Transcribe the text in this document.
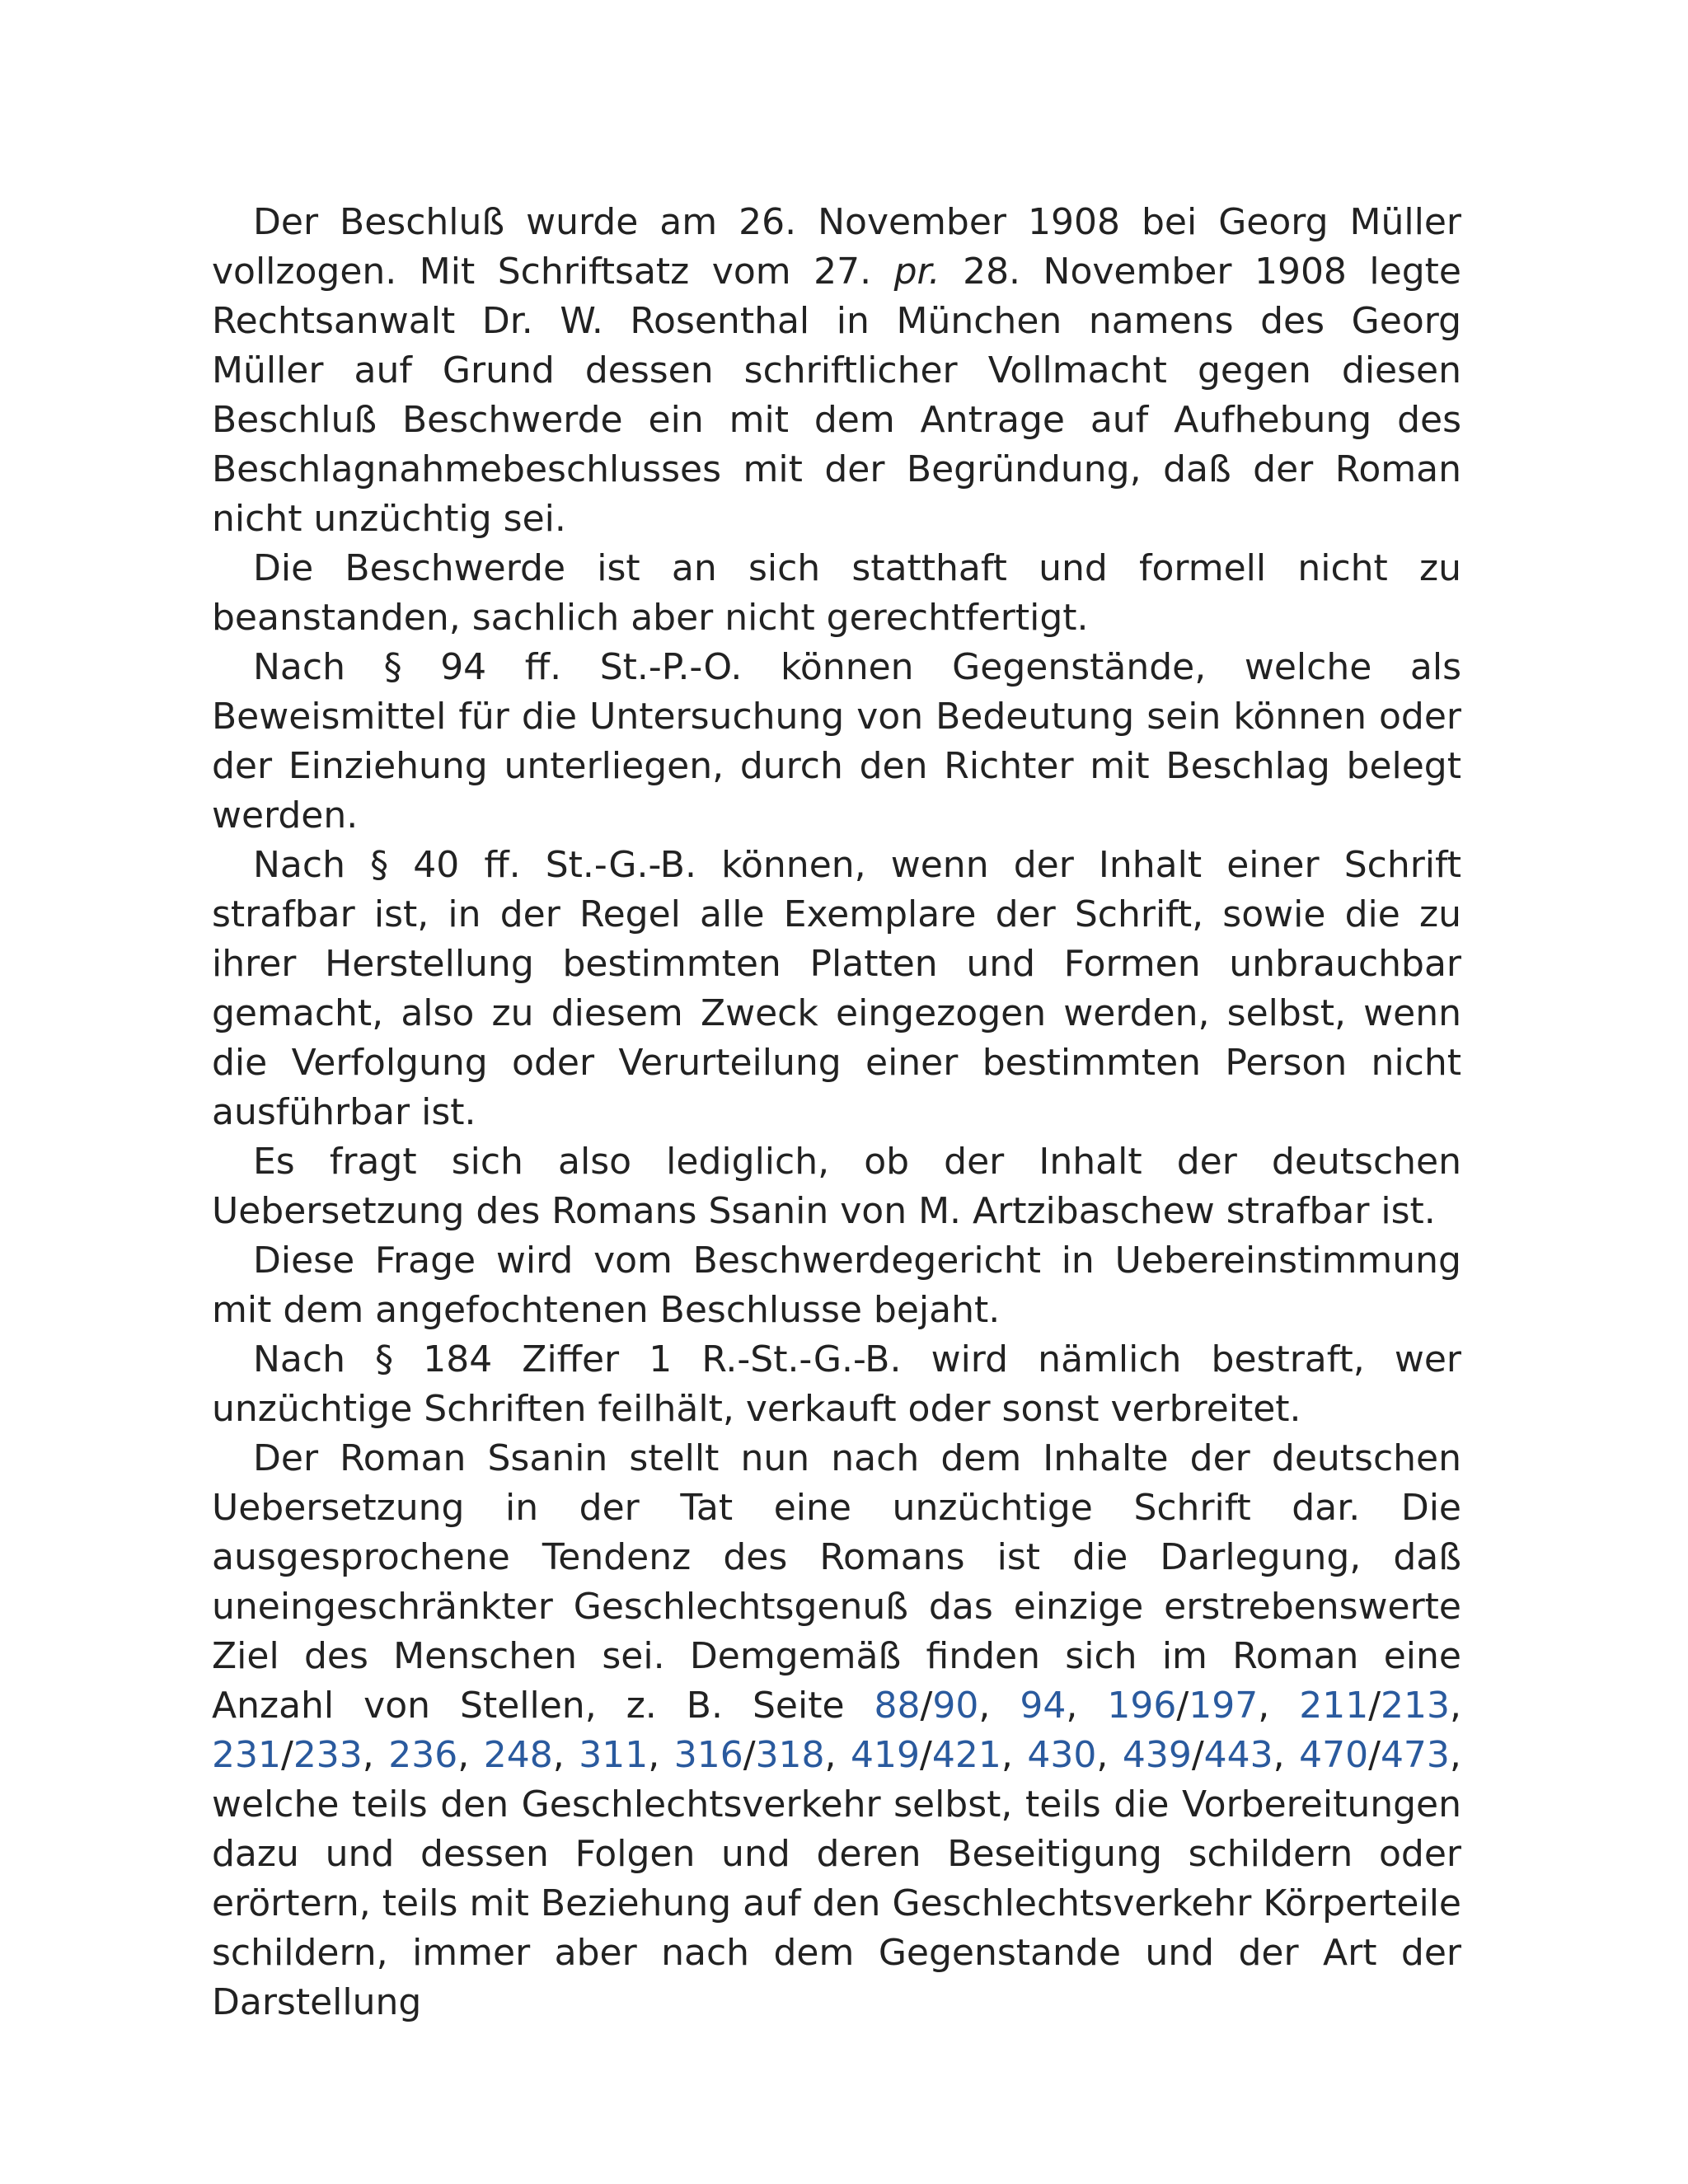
Der Beschluß wurde am 26. November 1908 bei Georg Müller vollzogen. Mit Schriftsatz vom 27. pr. 28. November 1908 legte Rechtsanwalt Dr. W. Rosenthal in München namens des Georg Müller auf Grund dessen schriftlicher Vollmacht gegen diesen Beschluß Beschwerde ein mit dem Antrage auf Aufhebung des Beschlagnahmebeschlusses mit der Begründung, daß der Roman nicht unzüchtig sei.

Die Beschwerde ist an sich statthaft und formell nicht zu beanstanden, sachlich aber nicht gerechtfertigt.

Nach § 94 ff. St.-P.-O. können Gegenstände, welche als Beweismittel für die Untersuchung von Bedeutung sein können oder der Einziehung unterliegen, durch den Richter mit Beschlag belegt werden.

Nach § 40 ff. St.-G.-B. können, wenn der Inhalt einer Schrift strafbar ist, in der Regel alle Exemplare der Schrift, sowie die zu ihrer Herstellung bestimmten Platten und Formen unbrauchbar gemacht, also zu diesem Zweck eingezogen werden, selbst, wenn die Verfolgung oder Verurteilung einer bestimmten Person nicht ausführbar ist.

Es fragt sich also lediglich, ob der Inhalt der deutschen Uebersetzung des Romans Ssanin von M. Artzibaschew strafbar ist.

Diese Frage wird vom Beschwerdegericht in Uebereinstimmung mit dem angefochtenen Beschlusse bejaht.

Nach § 184 Ziffer 1 R.-St.-G.-B. wird nämlich bestraft, wer unzüchtige Schriften feilhält, verkauft oder sonst verbreitet.

Der Roman Ssanin stellt nun nach dem Inhalte der deutschen Uebersetzung in der Tat eine unzüchtige Schrift dar. Die ausgesprochene Tendenz des Romans ist die Darlegung, daß uneingeschränkter Geschlechtsgenuß das einzige erstrebenswerte Ziel des Menschen sei. Demgemäß finden sich im Roman eine Anzahl von Stellen, z. B. Seite 88/90, 94, 196/197, 211/213, 231/233, 236, 248, 311, 316/318, 419/421, 430, 439/443, 470/473, welche teils den Geschlechtsverkehr selbst, teils die Vorbereitungen dazu und dessen Folgen und deren Beseitigung schildern oder erörtern, teils mit Beziehung auf den Geschlechtsverkehr Körperteile schildern, immer aber nach dem Gegenstande und der Art der Darstellung
